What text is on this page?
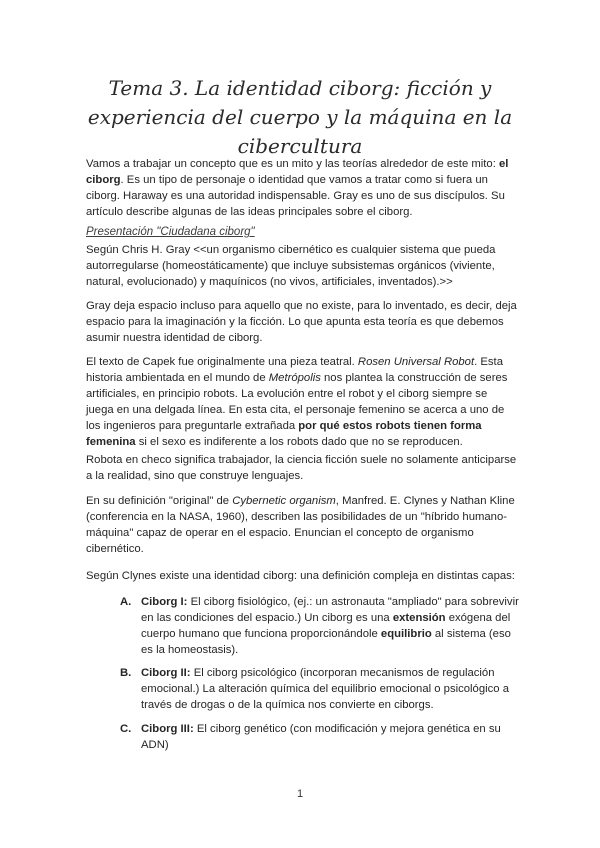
Tema 3. La identidad ciborg: ficción y experiencia del cuerpo y la máquina en la cibercultura

Vamos a trabajar un concepto que es un mito y las teorías alrededor de este mito: el ciborg. Es un tipo de personaje o identidad que vamos a tratar como si fuera un ciborg. Haraway es una autoridad indispensable. Gray es uno de sus discípulos. Su artículo describe algunas de las ideas principales sobre el ciborg.

Presentación "Ciudadana ciborg"

Según Chris H. Gray <<un organismo cibernético es cualquier sistema que pueda autorregularse (homeostáticamente) que incluye subsistemas orgánicos (viviente, natural, evolucionado) y maquínicos (no vivos, artificiales, inventados).>>

Gray deja espacio incluso para aquello que no existe, para lo inventado, es decir, deja espacio para la imaginación y la ficción. Lo que apunta esta teoría es que debemos asumir nuestra identidad de ciborg.

El texto de Capek fue originalmente una pieza teatral. Rosen Universal Robot. Esta historia ambientada en el mundo de Metrópolis nos plantea la construcción de seres artificiales, en principio robots. La evolución entre el robot y el ciborg siempre se juega en una delgada línea. En esta cita, el personaje femenino se acerca a uno de los ingenieros para preguntarle extrañada por qué estos robots tienen forma femenina si el sexo es indiferente a los robots dado que no se reproducen.

Robota en checo significa trabajador, la ciencia ficción suele no solamente anticiparse a la realidad, sino que construye lenguajes.

En su definición "original" de Cybernetic organism, Manfred. E. Clynes y Nathan Kline (conferencia en la NASA, 1960), describen las posibilidades de un "híbrido humano-máquina" capaz de operar en el espacio. Enuncian el concepto de organismo cibernético.

Según Clynes existe una identidad ciborg: una definición compleja en distintas capas:

A. Ciborg I: El ciborg fisiológico, (ej.: un astronauta "ampliado" para sobrevivir en las condiciones del espacio.) Un ciborg es una extensión exógena del cuerpo humano que funciona proporcionándole equilibrio al sistema (eso es la homeostasis).
B. Ciborg II: El ciborg psicológico (incorporan mecanismos de regulación emocional.) La alteración química del equilibrio emocional o psicológico a través de drogas o de la química nos convierte en ciborgs.
C. Ciborg III: El ciborg genético (con modificación y mejora genética en su ADN)
1
